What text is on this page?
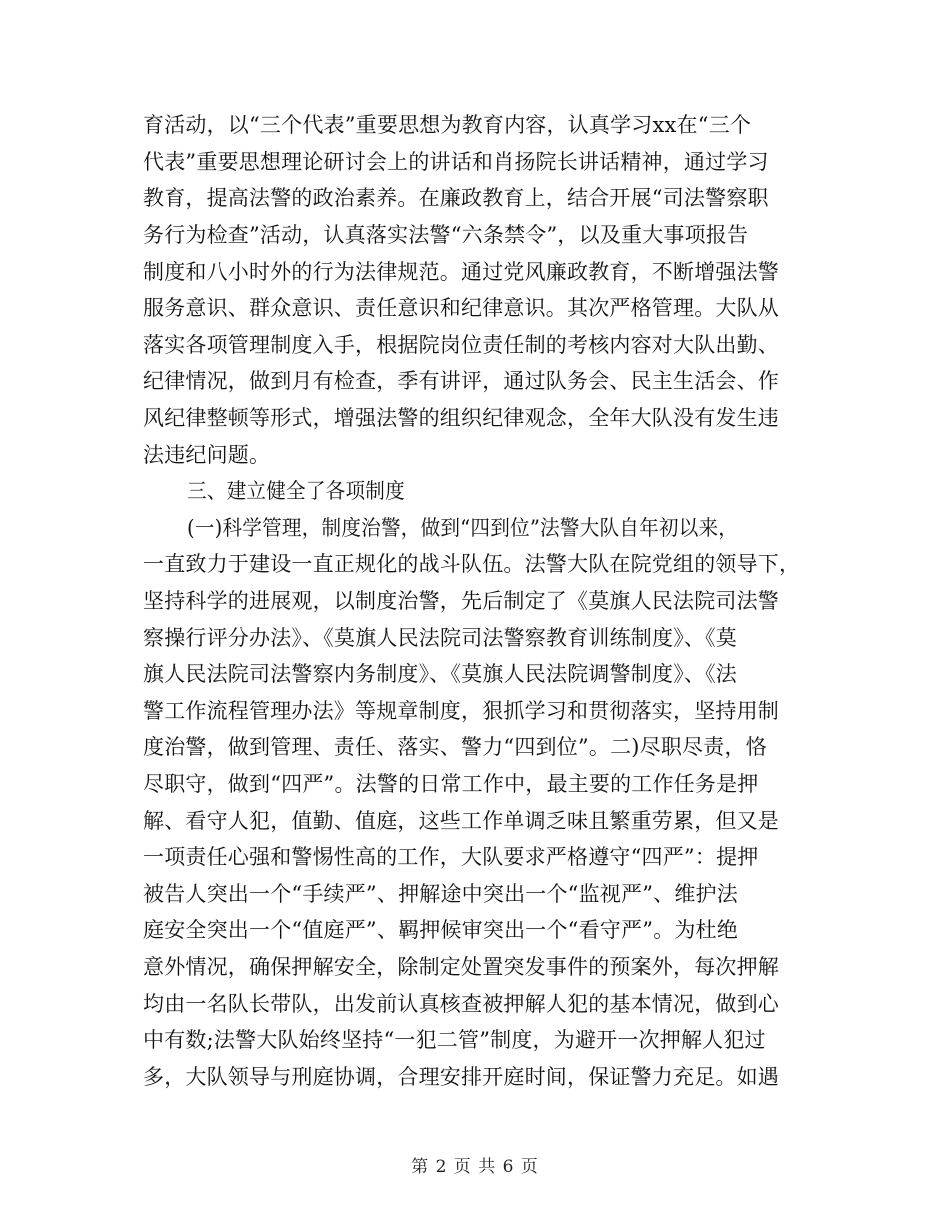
育活动，以“三个代表”重要思想为教育内容，认真学习xx在“三个
代表”重要思想理论研讨会上的讲话和肖扬院长讲话精神，通过学习
教育，提高法警的政治素养。在廉政教育上，结合开展“司法警察职
务行为检查”活动，认真落实法警“六条禁令”，以及重大事项报告
制度和八小时外的行为法律规范。通过党风廉政教育，不断增强法警
服务意识、群众意识、责任意识和纪律意识。其次严格管理。大队从
落实各项管理制度入手，根据院岗位责任制的考核内容对大队出勤、
纪律情况，做到月有检查，季有讲评，通过队务会、民主生活会、作
风纪律整顿等形式，增强法警的组织纪律观念，全年大队没有发生违
法违纪问题。
三、建立健全了各项制度
(一)科学管理，制度治警，做到“四到位”法警大队自年初以来，
一直致力于建设一直正规化的战斗队伍。法警大队在院党组的领导下，
坚持科学的进展观，以制度治警，先后制定了《莫旗人民法院司法警
察操行评分办法》、《莫旗人民法院司法警察教育训练制度》、《莫
旗人民法院司法警察内务制度》、《莫旗人民法院调警制度》、《法
警工作流程管理办法》等规章制度，狠抓学习和贯彻落实，坚持用制
度治警，做到管理、责任、落实、警力“四到位”。二)尽职尽责，恪
尽职守，做到“四严”。法警的日常工作中，最主要的工作任务是押
解、看守人犯，值勤、值庭，这些工作单调乏味且繁重劳累，但又是
一项责任心强和警惕性高的工作，大队要求严格遵守“四严”：提押
被告人突出一个“手续严”、押解途中突出一个“监视严”、维护法
庭安全突出一个“值庭严”、羁押候审突出一个“看守严”。为杜绝
意外情况，确保押解安全，除制定处置突发事件的预案外，每次押解
均由一名队长带队，出发前认真核查被押解人犯的基本情况，做到心
中有数;法警大队始终坚持“一犯二管”制度，为避开一次押解人犯过
多，大队领导与刑庭协调，合理安排开庭时间，保证警力充足。如遇
第 2 页 共 6 页
